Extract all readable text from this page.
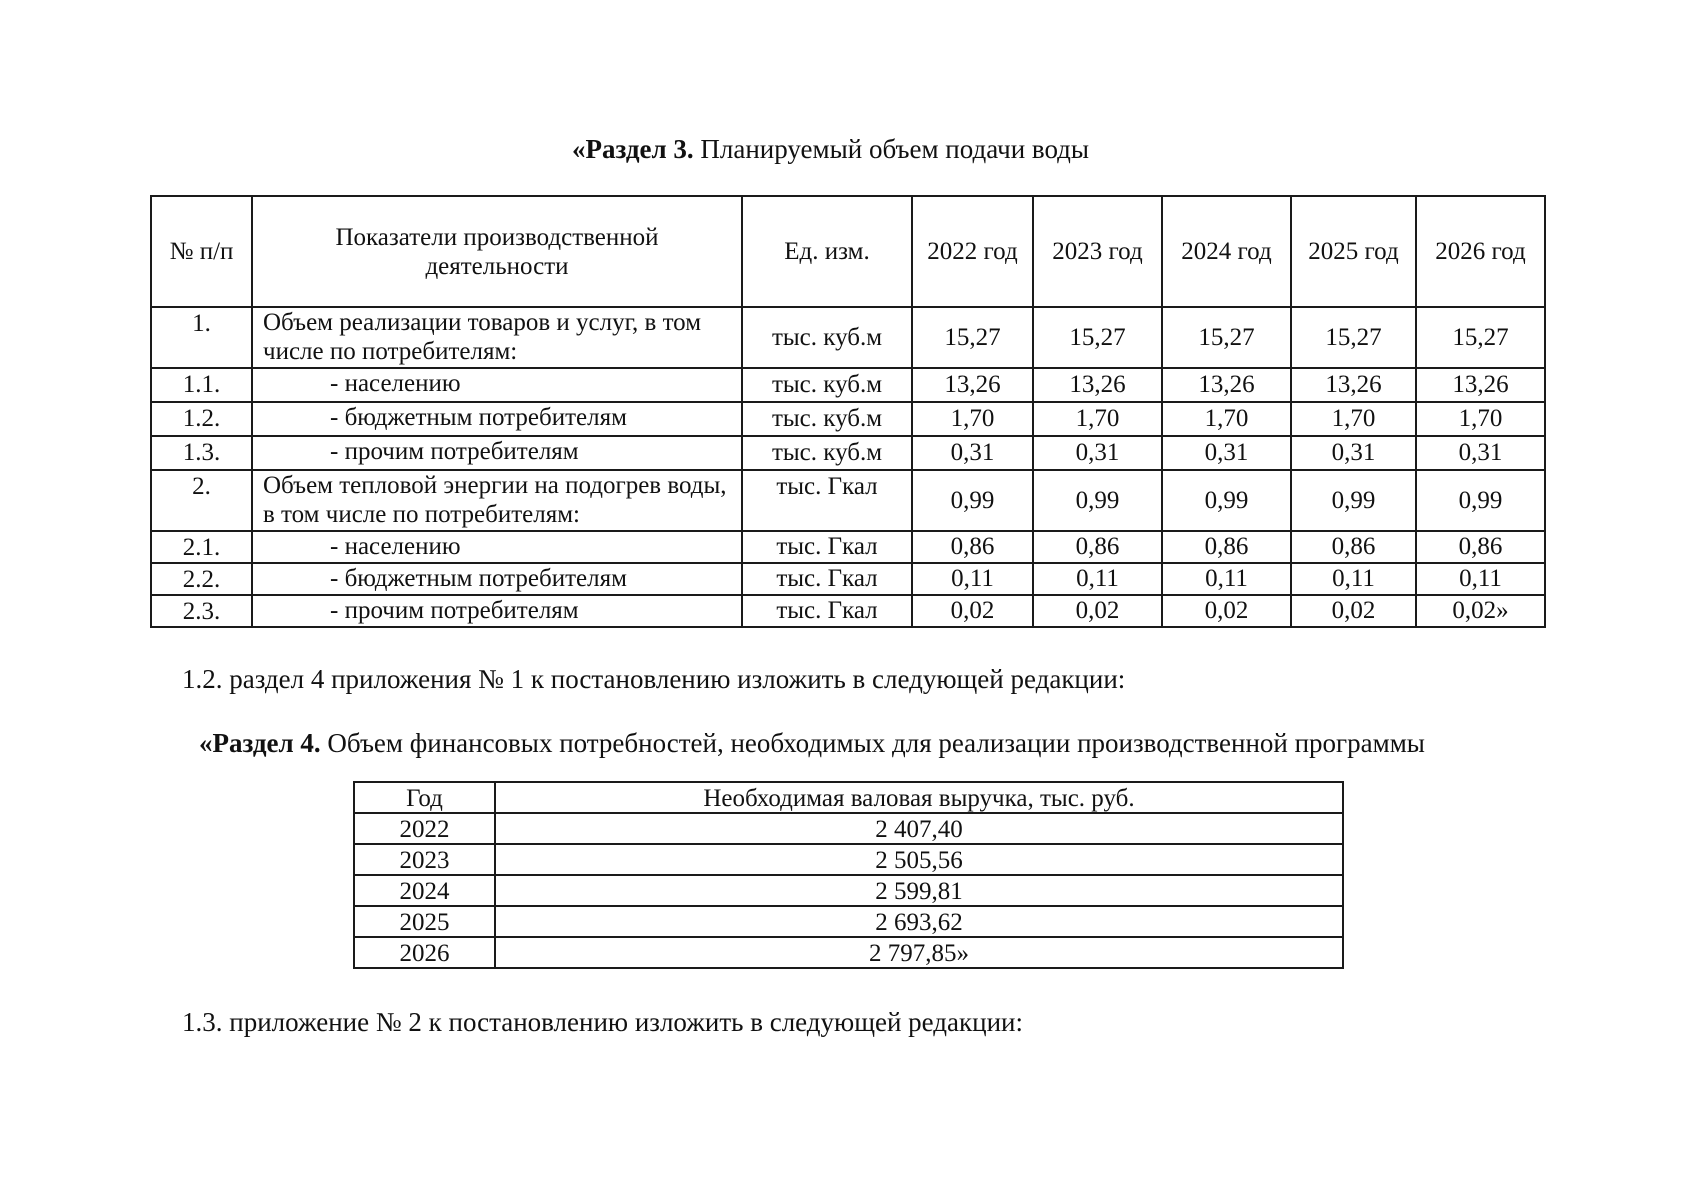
«Раздел 3. Планируемый объем подачи воды
№ п/п	Показатели производственной деятельности	Ед. изм.	2022 год	2023 год	2024 год	2025 год	2026 год
1.	Объем реализации товаров и услуг, в том числе по потребителям:	тыс. куб.м	15,27	15,27	15,27	15,27	15,27
1.1.	- населению	тыс. куб.м	13,26	13,26	13,26	13,26	13,26
1.2.	- бюджетным потребителям	тыс. куб.м	1,70	1,70	1,70	1,70	1,70
1.3.	- прочим потребителям	тыс. куб.м	0,31	0,31	0,31	0,31	0,31
2.	Объем тепловой энергии на подогрев воды, в том числе по потребителям:	тыс. Гкал	0,99	0,99	0,99	0,99	0,99
2.1.	- населению	тыс. Гкал	0,86	0,86	0,86	0,86	0,86
2.2.	- бюджетным потребителям	тыс. Гкал	0,11	0,11	0,11	0,11	0,11
2.3.	- прочим потребителям	тыс. Гкал	0,02	0,02	0,02	0,02	0,02»
1.2. раздел 4 приложения № 1 к постановлению изложить в следующей редакции:
«Раздел 4. Объем финансовых потребностей, необходимых для реализации производственной программы
Год	Необходимая валовая выручка, тыс. руб.
2022	2 407,40
2023	2 505,56
2024	2 599,81
2025	2 693,62
2026	2 797,85»
1.3. приложение № 2 к постановлению изложить в следующей редакции:
